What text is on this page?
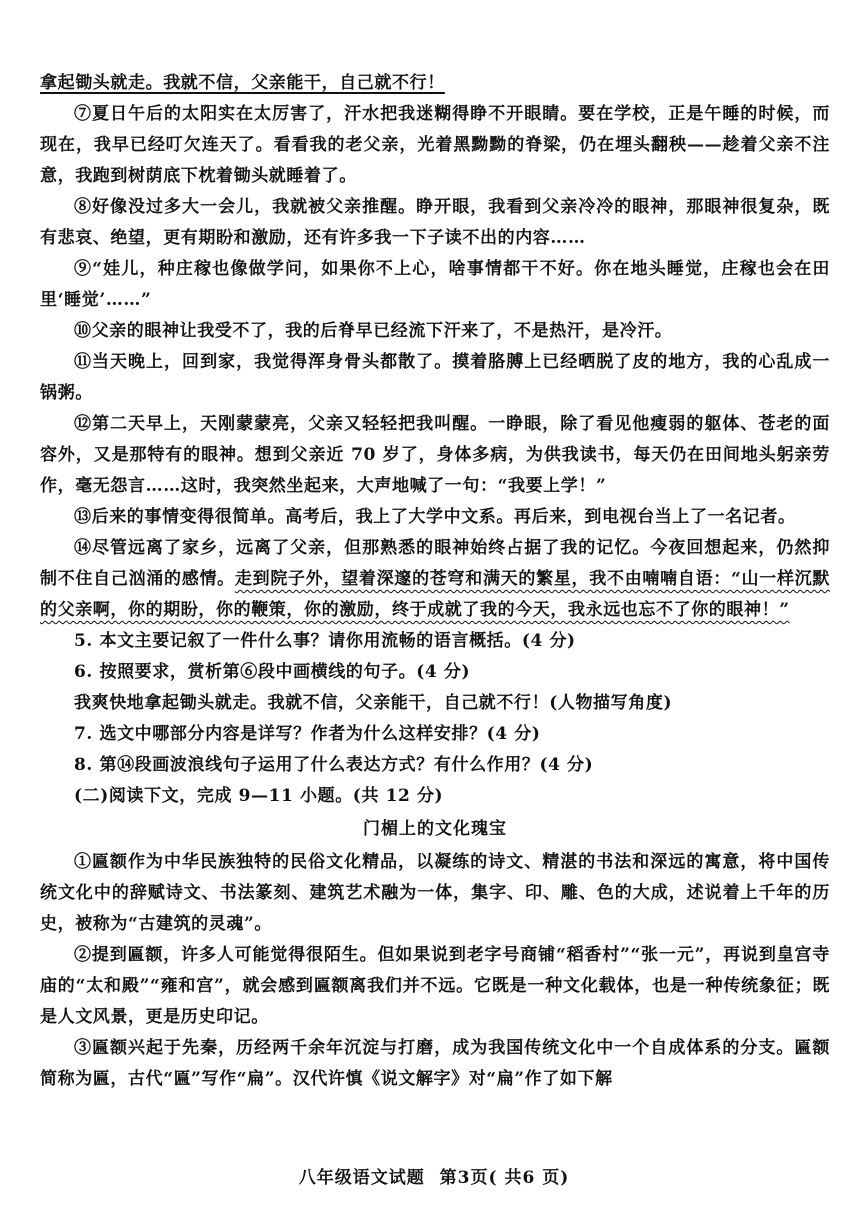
拿起锄头就走。我就不信，父亲能干，自己就不行！

⑦夏日午后的太阳实在太厉害了，汗水把我迷糊得睁不开眼睛。要在学校，正是午睡的时候，而现在，我早已经叮欠连天了。看看我的老父亲，光着黑黝黝的脊梁，仍在埋头翻秧——趁着父亲不注意，我跑到树荫底下枕着锄头就睡着了。

⑧好像没过多大一会儿，我就被父亲推醒。睁开眼，我看到父亲冷冷的眼神，那眼神很复杂，既有悲哀、绝望，更有期盼和激励，还有许多我一下子读不出的内容……

⑨“娃儿，种庄稼也像做学问，如果你不上心，啥事情都干不好。你在地头睡觉，庄稼也会在田里‘睡觉’……”

⑩父亲的眼神让我受不了，我的后脊早已经流下汗来了，不是热汗，是冷汗。

⑪当天晚上，回到家，我觉得浑身骨头都散了。摸着胳膊上已经晒脱了皮的地方，我的心乱成一锅粥。

⑫第二天早上，天刚蒙蒙亮，父亲又轻轻把我叫醒。一睁眼，除了看见他瘦弱的躯体、苍老的面容外，又是那特有的眼神。想到父亲近 70 岁了，身体多病，为供我读书，每天仍在田间地头躬亲劳作，毫无怨言……这时，我突然坐起来，大声地喊了一句：“我要上学！”

⑬后来的事情变得很简单。高考后，我上了大学中文系。再后来，到电视台当上了一名记者。

⑭尽管远离了家乡，远离了父亲，但那熟悉的眼神始终占据了我的记忆。今夜回想起来，仍然抑制不住自己汹涌的感情。走到院子外，望着深邃的苍穹和满天的繁星，我不由喃喃自语：“山一样沉默的父亲啊，你的期盼，你的鞭策，你的激励，终于成就了我的今天，我永远也忘不了你的眼神！”

5. 本文主要记叙了一件什么事？请你用流畅的语言概括。(4 分)

6. 按照要求，赏析第⑥段中画横线的句子。(4 分)

我爽快地拿起锄头就走。我就不信，父亲能干，自己就不行！(人物描写角度)

7. 选文中哪部分内容是详写？作者为什么这样安排？(4 分)

8. 第⑭段画波浪线句子运用了什么表达方式？有什么作用？(4 分)

(二)阅读下文，完成 9—11 小题。(共 12 分)

门楣上的文化瑰宝

①匾额作为中华民族独特的民俗文化精品，以凝练的诗文、精湛的书法和深远的寓意，将中国传统文化中的辞赋诗文、书法篆刻、建筑艺术融为一体，集字、印、雕、色的大成，述说着上千年的历史，被称为“古建筑的灵魂”。

②提到匾额，许多人可能觉得很陌生。但如果说到老字号商铺“稻香村”“张一元”，再说到皇宫寺庙的“太和殿”“雍和宫”，就会感到匾额离我们并不远。它既是一种文化载体，也是一种传统象征；既是人文风景，更是历史印记。

③匾额兴起于先秦，历经两千余年沉淀与打磨，成为我国传统文化中一个自成体系的分支。匾额简称为匾，古代“匾”写作“扁”。汉代许慎《说文解字》对“扁”作了如下解

八年级语文试题 第3页( 共6 页)
